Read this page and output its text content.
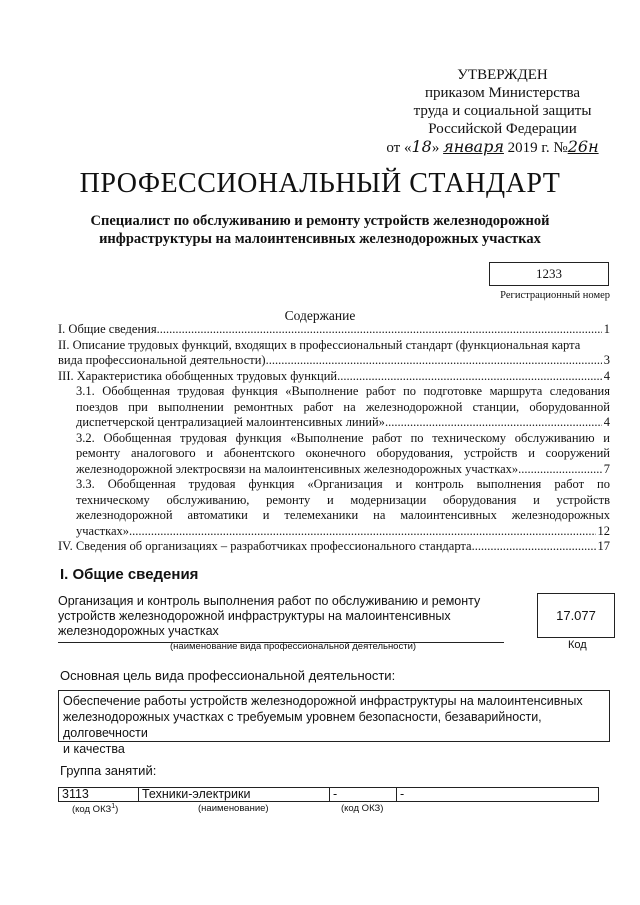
УТВЕРЖДЕН
приказом Министерства
труда и социальной защиты
Российской Федерации
от «18» января 2019 г. №26н
ПРОФЕССИОНАЛЬНЫЙ СТАНДАРТ
Специалист по обслуживанию и ремонту устройств железнодорожной
инфраструктуры на малоинтенсивных железнодорожных участках
1233
Регистрационный номер
Содержание
I. Общие сведения .....	1
II. Описание трудовых функций, входящих в профессиональный стандарт (функциональная карта
вида профессиональной деятельности) .....	3
III. Характеристика обобщенных трудовых функций .....	4
3.1. Обобщенная трудовая функция «Выполнение работ по подготовке маршрута следования
поездов при выполнении ремонтных работ на железнодорожной станции, оборудованной
диспетчерской централизацией малоинтенсивных линий» .....	4
3.2. Обобщенная трудовая функция «Выполнение работ по техническому обслуживанию и
ремонту аналогового и абонентского оконечного оборудования, устройств и сооружений
железнодорожной электросвязи на малоинтенсивных железнодорожных участках» .....	7
3.3. Обобщенная трудовая функция «Организация и контроль выполнения работ по
техническому обслуживанию, ремонту и модернизации оборудования и устройств
железнодорожной автоматики и телемеханики на малоинтенсивных железнодорожных
участках» .....	12
IV. Сведения об организациях – разработчиках профессионального стандарта .....	17
I. Общие сведения
Организация и контроль выполнения работ по обслуживанию и ремонту
устройств железнодорожной инфраструктуры на малоинтенсивных
железнодорожных участках
17.077
(наименование вида профессиональной деятельности)	Код
Основная цель вида профессиональной деятельности:
Обеспечение работы устройств железнодорожной инфраструктуры на малоинтенсивных
железнодорожных участках с требуемым уровнем безопасности, безаварийности, долговечности
и качества
Группа занятий:
3113	Техники-электрики	-	-
(код ОКЗ$^1$)	(наименование)	(код ОКЗ)
